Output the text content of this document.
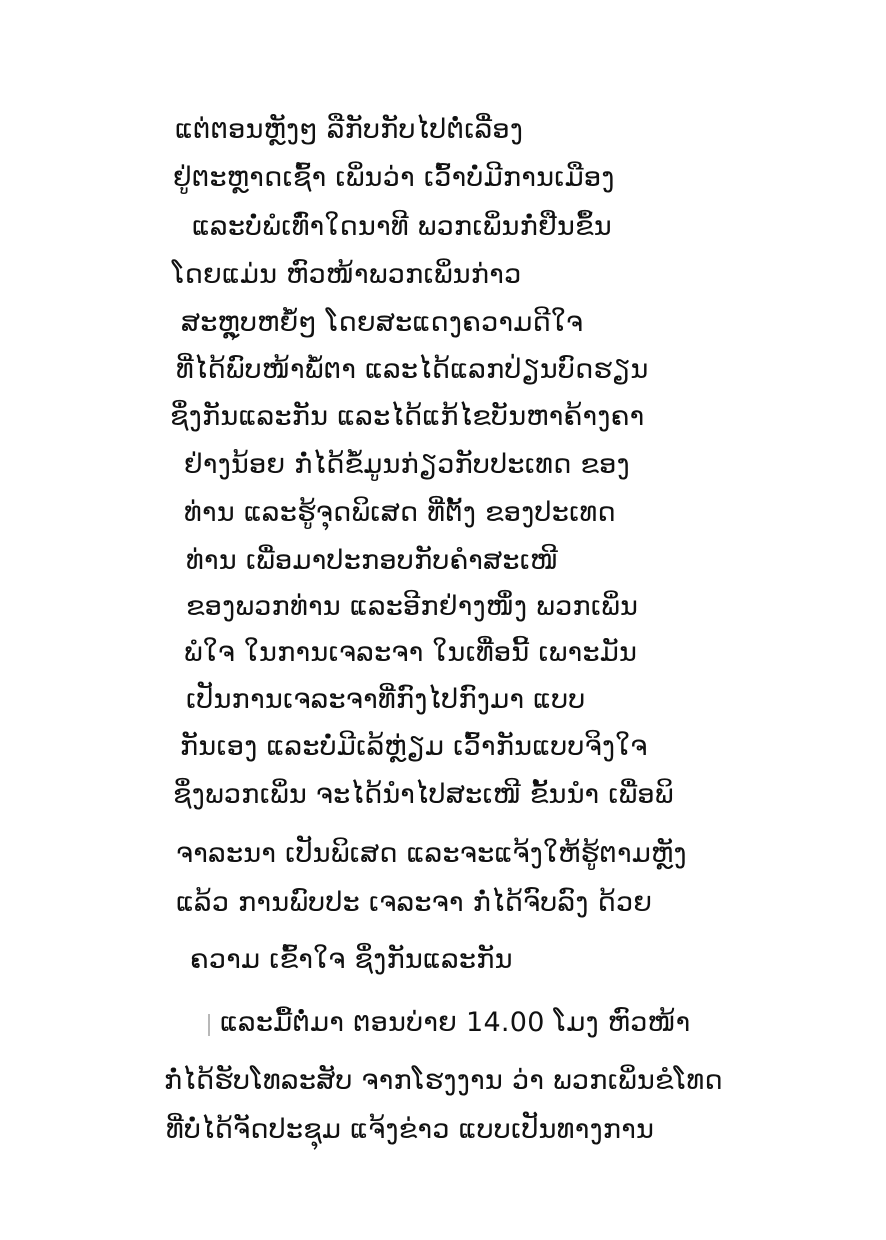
ແຕ່ຕອນຫຼັງໆ ລືກັບກັບໄປຕໍ່ເລື່ອງ
ຢູ່ຕະຫຼາດເຊົ້າ ເພິ່ນວ່າ ເວົ້າບໍ່ມີການເມືອງ
ແລະບໍ່ພໍເທົ່າໃດນາທີ ພວກເພິ່ນກໍ່ຢືນຂຶ້ນ
ໂດຍແມ່ນ ຫົວໜ້າພວກເພິ່ນກ່າວ
ສະຫຼຸບຫຍໍ້ໆ ໂດຍສະແດງຄວາມດີໃຈ
ທີ່ໄດ້ພົບໜ້າພໍ້ຕາ ແລະໄດ້ແລກປ່ຽນບົດຮຽນ
ຊຶ່ງກັນແລະກັນ ແລະໄດ້ແກ້ໄຂບັນຫາຄ້າງຄາ
ຢ່າງນ້ອຍ ກໍ່ໄດ້ຂໍ້ມູນກ່ຽວກັບປະເທດ ຂອງ
ທ່ານ ແລະຮູ້ຈຸດພິເສດ ທີ່ຕັ້ງ ຂອງປະເທດ
ທ່ານ ເພື່ອມາປະກອບກັບຄຳສະເໜີ
ຂອງພວກທ່ານ ແລະອີກຢ່າງໜຶ່ງ ພວກເພິ່ນ
ພໍໃຈ ໃນການເຈລະຈາ ໃນເທື່ອນີ້ ເພາະມັນ
ເປັນການເຈລະຈາທີ່ກົງໄປກົງມາ ແບບ
ກັນເອງ ແລະບໍ່ມີເລ້ຫຼ່ຽມ ເວົ້າກັນແບບຈິງໃຈ
ຊຶ່ງພວກເພິ່ນ ຈະໄດ້ນຳໄປສະເໜີ ຂັ້ນນຳ ເພື່ອພິ
ຈາລະນາ ເປັນພິເສດ ແລະຈະແຈ້ງໃຫ້ຮູ້ຕາມຫຼັງ
ແລ້ວ ການພົບປະ ເຈລະຈາ ກໍ່ໄດ້ຈົບລົງ ດ້ວຍ
ຄວາມ ເຂົ້າໃຈ ຊຶ່ງກັນແລະກັນ
ແລະມື້ຕໍ່ມາ ຕອນບ່າຍ 14.00 ໂມງ ຫົວໜ້າ
ກໍ່ໄດ້ຮັບໂທລະສັບ ຈາກໂຮງງານ ວ່າ ພວກເພິ່ນຂໍໂທດ
ທີ່ບໍ່ໄດ້ຈັດປະຊຸມ ແຈ້ງຂ່າວ ແບບເປັນທາງການ
